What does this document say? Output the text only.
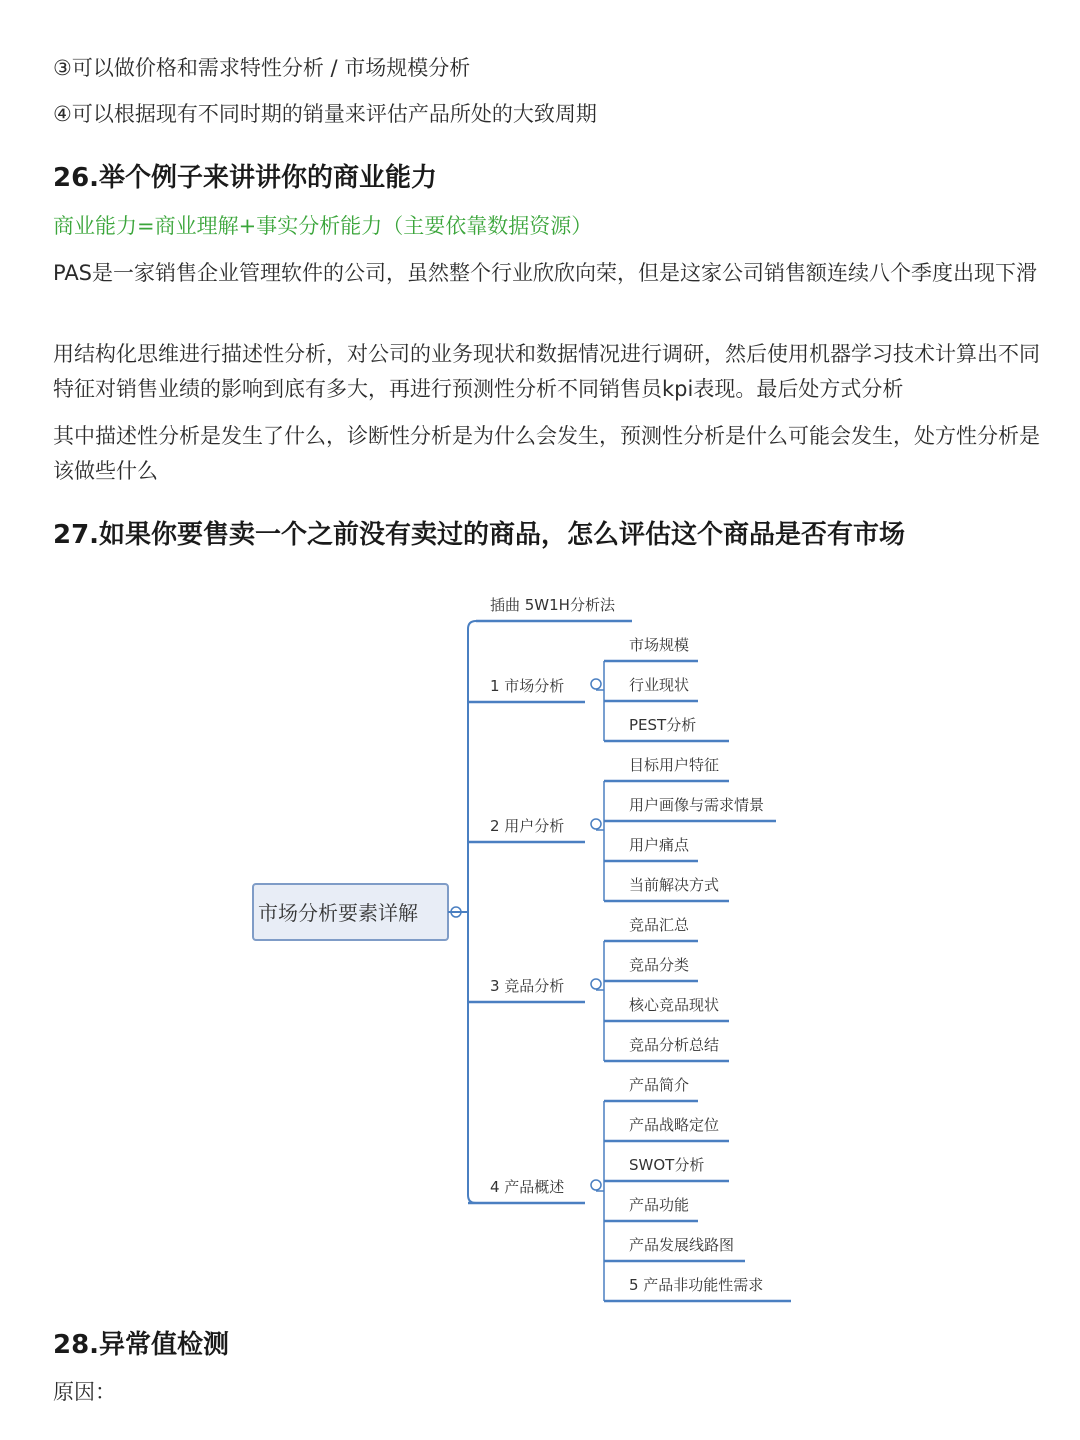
③可以做价格和需求特性分析 / 市场规模分析

④可以根据现有不同时期的销量来评估产品所处的大致周期

26.举个例子来讲讲你的商业能力

商业能力=商业理解+事实分析能力（主要依靠数据资源）

PAS是一家销售企业管理软件的公司，虽然整个行业欣欣向荣，但是这家公司销售额连续八个季度出现下滑

用结构化思维进行描述性分析，对公司的业务现状和数据情况进行调研，然后使用机器学习技术计算出不同特征对销售业绩的影响到底有多大，再进行预测性分析不同销售员kpi表现。最后处方式分析

其中描述性分析是发生了什么，诊断性分析是为什么会发生，预测性分析是什么可能会发生，处方性分析是该做些什么

27.如果你要售卖一个之前没有卖过的商品，怎么评估这个商品是否有市场
市场分析要素详解
插曲 5W1H分析法
1 市场分析
市场规模
行业现状
PEST分析
2 用户分析
目标用户特征
用户画像与需求情景
用户痛点
当前解决方式
3 竞品分析
竞品汇总
竞品分类
核心竞品现状
竞品分析总结
4 产品概述
产品简介
产品战略定位
SWOT分析
产品功能
产品发展线路图
5 产品非功能性需求
28.异常值检测

原因：
